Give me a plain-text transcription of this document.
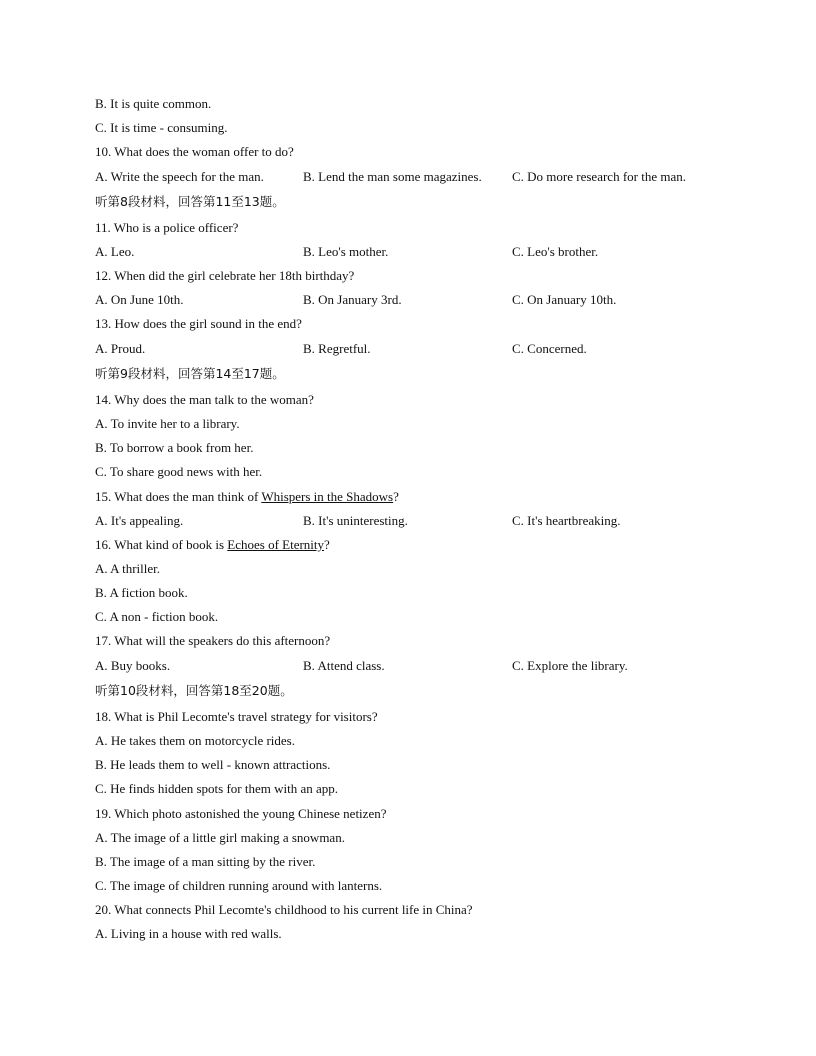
B. It is quite common.
C. It is time - consuming.
10. What does the woman offer to do?
A. Write the speech for the man.	B. Lend the man some magazines. C. Do more research for the man.
听第8段材料，回答第11至13题。
11. Who is a police officer?
A. Leo.	B. Leo's mother.	C. Leo's brother.
12. When did the girl celebrate her 18th birthday?
A. On June 10th.	B. On January 3rd.	C. On January 10th.
13. How does the girl sound in the end?
A. Proud.	B. Regretful.	C. Concerned.
听第9段材料，回答第14至17题。
14. Why does the man talk to the woman?
A. To invite her to a library.
B. To borrow a book from her.
C. To share good news with her.
15. What does the man think of Whispers in the Shadows?
A. It's appealing.	B. It's uninteresting.	C. It's heartbreaking.
16. What kind of book is Echoes of Eternity?
A. A thriller.
B. A fiction book.
C. A non - fiction book.
17. What will the speakers do this afternoon?
A. Buy books.	B. Attend class.	C. Explore the library.
听第10段材料，回答第18至20题。
18. What is Phil Lecomte's travel strategy for visitors?
A. He takes them on motorcycle rides.
B. He leads them to well - known attractions.
C. He finds hidden spots for them with an app.
19. Which photo astonished the young Chinese netizen?
A. The image of a little girl making a snowman.
B. The image of a man sitting by the river.
C. The image of children running around with lanterns.
20. What connects Phil Lecomte's childhood to his current life in China?
A. Living in a house with red walls.
